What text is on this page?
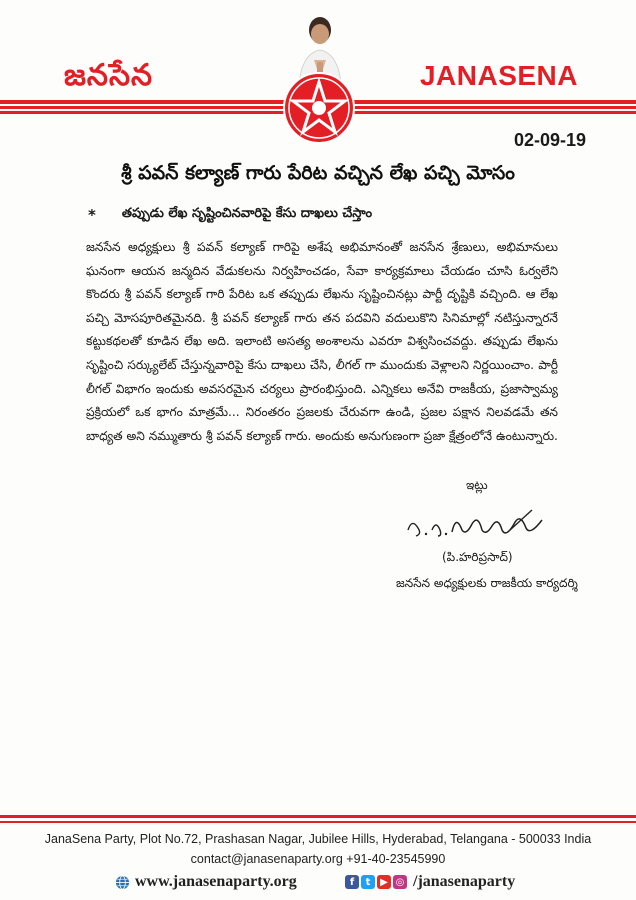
జనసేన	JANASENA
02-09-19
శ్రీ పవన్ కల్యాణ్ గారు పేరిట వచ్చిన లేఖ పచ్చి మోసం
* తప్పుడు లేఖ సృష్టించినవారిపై కేసు దాఖలు చేస్తాం
జనసేన అధ్యక్షులు శ్రీ పవన్ కల్యాణ్ గారిపై అశేష అభిమానంతో జనసేన శ్రేణులు, అభిమానులు ఘనంగా ఆయన జన్మదిన వేడుకలను నిర్వహించడం, సేవా కార్యక్రమాలు చేయడం చూసి ఓర్వలేని కొందరు శ్రీ పవన్ కల్యాణ్ గారి పేరిట ఒక తప్పుడు లేఖను సృష్టించినట్లు పార్టీ దృష్టికి వచ్చింది. ఆ లేఖ పచ్చి మోసపూరితమైనది. శ్రీ పవన్ కల్యాణ్ గారు తన పదవిని వదులుకొని సినిమాల్లో నటిస్తున్నారనే కట్టుకథలతో కూడిన లేఖ అది. ఇలాంటి అసత్య అంశాలను ఎవరూ విశ్వసించవద్దు. తప్పుడు లేఖను సృష్టించి సర్క్యులేట్ చేస్తున్నవారిపై కేసు దాఖలు చేసి, లీగల్ గా ముందుకు వెళ్లాలని నిర్ణయించాం. పార్టీ లీగల్ విభాగం ఇందుకు అవసరమైన చర్యలు ప్రారంభిస్తుంది. ఎన్నికలు అనేవి రాజకీయ, ప్రజాస్వామ్య ప్రక్రియలో ఒక భాగం మాత్రమే... నిరంతరం ప్రజలకు చేరువగా ఉండి, ప్రజల పక్షాన నిలవడమే తన బాధ్యత అని నమ్ముతారు శ్రీ పవన్ కల్యాణ్ గారు. అందుకు అనుగుణంగా ప్రజా క్షేత్రంలోనే ఉంటున్నారు.
ఇట్లు
(పి.హరిప్రసాద్)
జనసేన అధ్యక్షులకు రాజకీయ కార్యదర్శి
JanaSena Party, Plot No.72, Prashasan Nagar, Jubilee Hills, Hyderabad, Telangana - 500033 India
contact@janasenaparty.org +91-40-23545990
www.janasenaparty.org	f	t ▶ ◎ /janasenaparty
